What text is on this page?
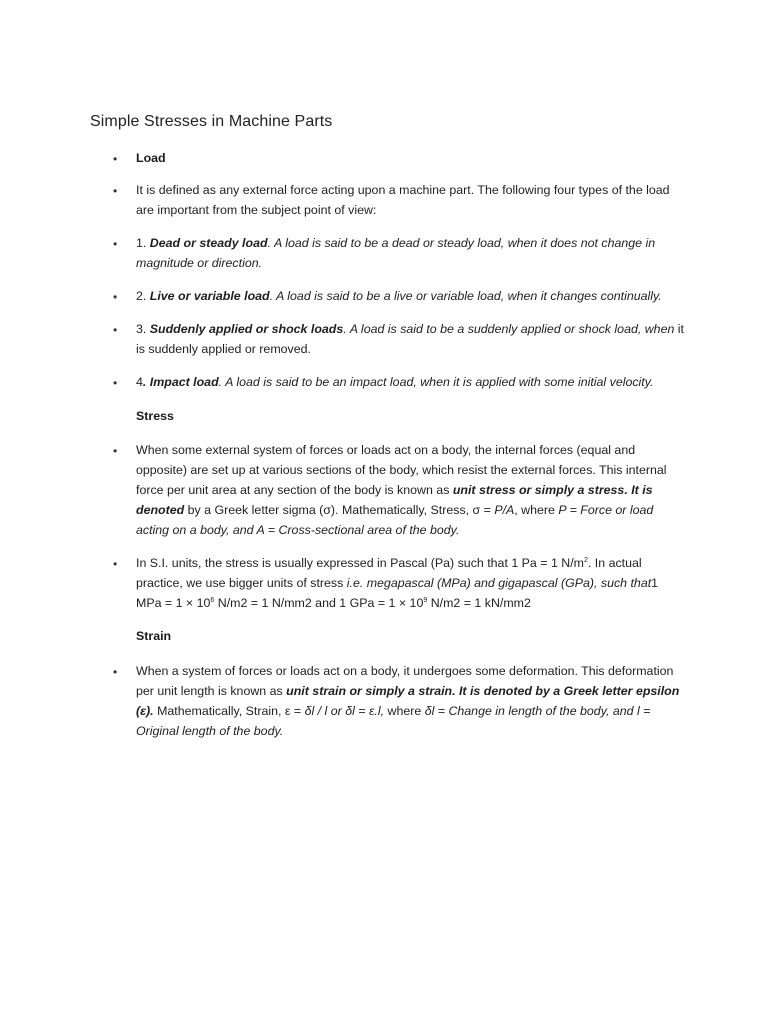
Simple Stresses in Machine Parts
• Load
• It is defined as any external force acting upon a machine part. The following four types of the load are important from the subject point of view:
• 1. Dead or steady load. A load is said to be a dead or steady load, when it does not change in magnitude or direction.
• 2. Live or variable load. A load is said to be a live or variable load, when it changes continually.
• 3. Suddenly applied or shock loads. A load is said to be a suddenly applied or shock load, when it is suddenly applied or removed.
• 4. Impact load. A load is said to be an impact load, when it is applied with some initial velocity.
Stress
• When some external system of forces or loads act on a body, the internal forces (equal and opposite) are set up at various sections of the body, which resist the external forces. This internal force per unit area at any section of the body is known as unit stress or simply a stress. It is denoted by a Greek letter sigma (σ). Mathematically, Stress, σ = P/A, where P = Force or load acting on a body, and A = Cross-sectional area of the body.
• In S.I. units, the stress is usually expressed in Pascal (Pa) such that 1 Pa = 1 $N/m^2$. In actual practice, we use bigger units of stress i.e. megapascal (MPa) and gigapascal (GPa), such that1 MPa = $1 \times 10^6$ N/m2 = 1 N/mm2 and 1 GPa = $1 \times 10^9$ N/m2 = 1 kN/mm2
Strain
• When a system of forces or loads act on a body, it undergoes some deformation. This deformation per unit length is known as unit strain or simply a strain. It is denoted by a Greek letter epsilon (ε). Mathematically, Strain, ε = δl / l or δl = ε.l, where δl = Change in length of the body, and l = Original length of the body.
